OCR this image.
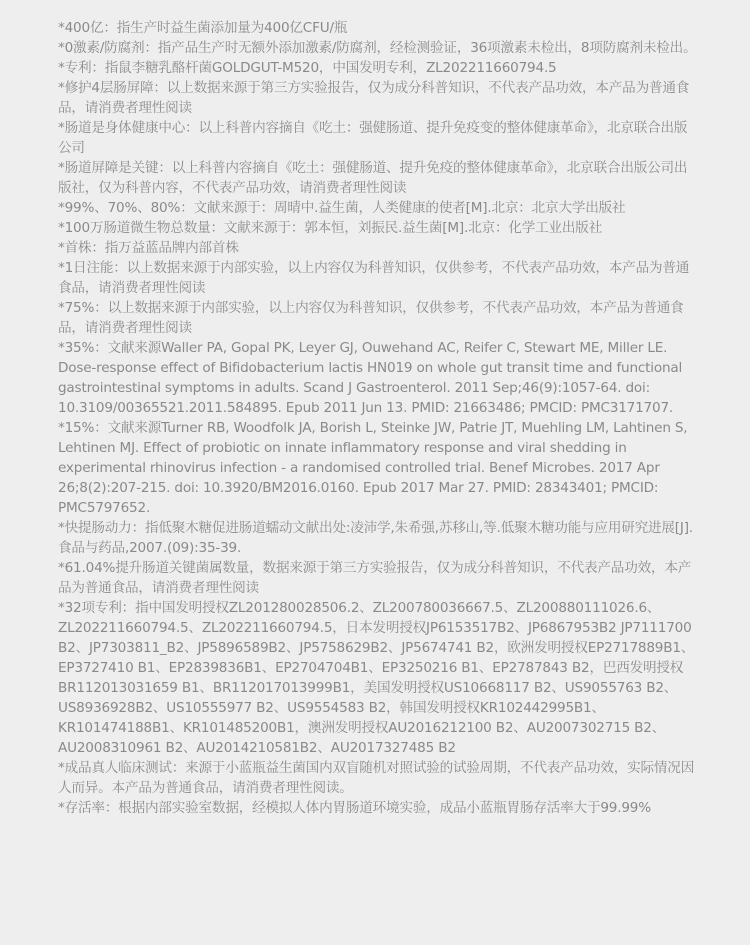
*400亿：指生产时益生菌添加量为400亿CFU/瓶

*0激素/防腐剂：指产品生产时无额外添加激素/防腐剂，经检测验证，36项激素未检出，8项防腐剂未检出。

*专利：指鼠李糖乳酪杆菌GOLDGUT-M520，中国发明专利，ZL202211660794.5

*修护4层肠屏障：以上数据来源于第三方实验报告，仅为成分科普知识，不代表产品功效，本产品为普通食品，请消费者理性阅读

*肠道是身体健康中心：以上科普内容摘自《吃土：强健肠道、提升免疫变的整体健康革命》，北京联合出版公司

*肠道屏障是关键：以上科普内容摘自《吃土：强健肠道、提升免疫的整体健康革命》，北京联合出版公司出版社，仅为科普内容，不代表产品功效，请消费者理性阅读

*99%、70%、80%：文献来源于：周晴中.益生菌，人类健康的使者[M].北京：北京大学出版社

*100万肠道微生物总数量：文献来源于：郭本恒，刘振民.益生菌[M].北京：化学工业出版社

*首株：指万益蓝品牌内部首株

*1日注能：以上数据来源于内部实验，以上内容仅为科普知识，仅供参考，不代表产品功效，本产品为普通食品，请消费者理性阅读

*75%：以上数据来源于内部实验，以上内容仅为科普知识，仅供参考，不代表产品功效，本产品为普通食品，请消费者理性阅读

*35%：文献来源Waller PA, Gopal PK, Leyer GJ, Ouwehand AC, Reifer C, Stewart ME, Miller LE. Dose-response effect of Bifidobacterium lactis HN019 on whole gut transit time and functional gastrointestinal symptoms in adults. Scand J Gastroenterol. 2011 Sep;46(9):1057-64. doi: 10.3109/00365521.2011.584895. Epub 2011 Jun 13. PMID: 21663486; PMCID: PMC3171707.

*15%：文献来源Turner RB, Woodfolk JA, Borish L, Steinke JW, Patrie JT, Muehling LM, Lahtinen S, Lehtinen MJ. Effect of probiotic on innate inflammatory response and viral shedding in experimental rhinovirus infection - a randomised controlled trial. Benef Microbes. 2017 Apr 26;8(2):207-215. doi: 10.3920/BM2016.0160. Epub 2017 Mar 27. PMID: 28343401; PMCID: PMC5797652.

*快提肠动力：指低聚木糖促进肠道蠕动文献出处:凌沛学,朱希强,苏移山,等.低聚木糖功能与应用研究进展[J].食品与药品,2007.(09):35-39.

*61.04%提升肠道关键菌属数量，数据来源于第三方实验报告，仅为成分科普知识，不代表产品功效，本产品为普通食品，请消费者理性阅读

*32项专利：指中国发明授权ZL201280028506.2、ZL200780036667.5、ZL200880111026.6、ZL202211660794.5、ZL202211660794.5，日本发明授权JP6153517B2、JP6867953B2 JP7111700 B2、JP7303811_B2、JP5896589B2、JP5758629B2、JP5674741 B2，欧洲发明授权EP2717889B1、EP3727410 B1、EP2839836B1、EP2704704B1、EP3250216 B1、EP2787843 B2，巴西发明授权BR112013031659 B1、BR112017013999B1，美国发明授权US10668117 B2、US9055763 B2、US8936928B2、US10555977 B2、US9554583 B2，韩国发明授权KR102442995B1、KR101474188B1、KR101485200B1，澳洲发明授权AU2016212100 B2、AU2007302715 B2、AU2008310961 B2、AU2014210581B2、AU2017327485 B2

*成品真人临床测试：来源于小蓝瓶益生菌国内双盲随机对照试验的试验周期，不代表产品功效，实际情况因人而异。本产品为普通食品，请消费者理性阅读。

*存活率：根据内部实验室数据，经模拟人体内胃肠道环境实验，成品小蓝瓶胃肠存活率大于99.99%
